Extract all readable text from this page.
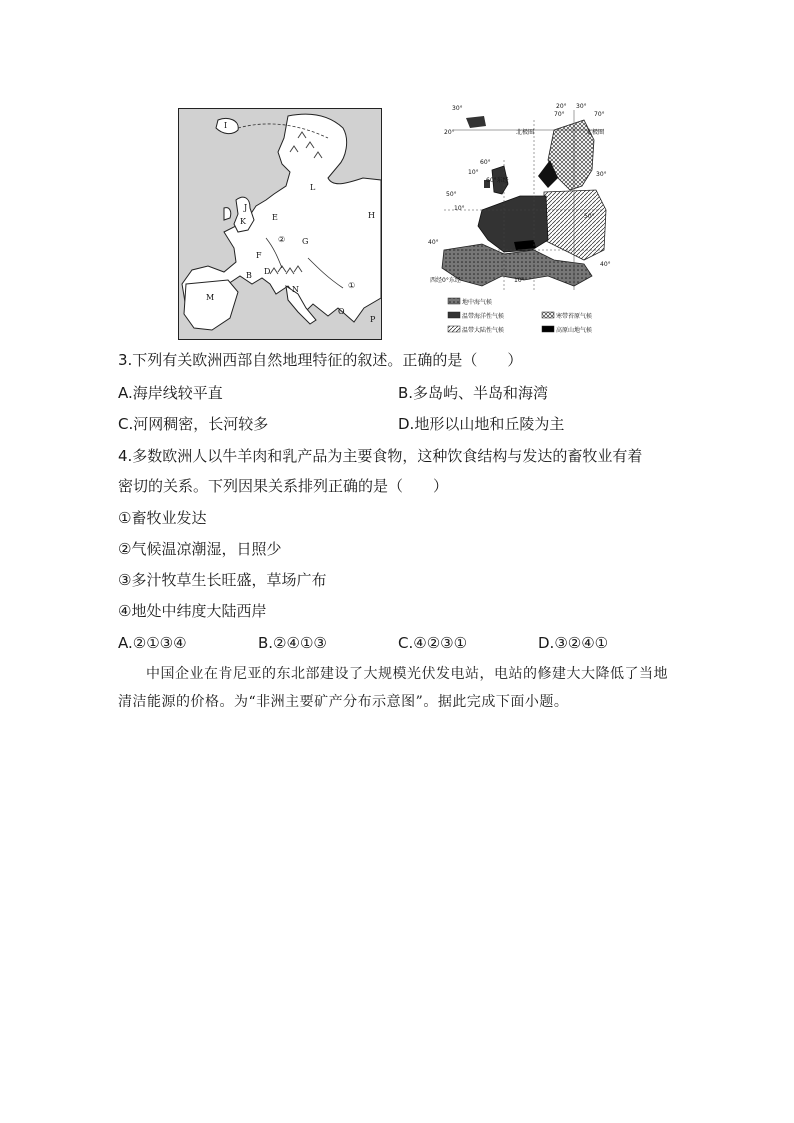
I
L
J
K	E
F
G
H
B D
M
N
O
P
②
①
30°
20°
70°	70°
20° 30°
60°
10°
50°
10°
40°
30°
50°
40°
10°
北极圈	北极圈
西经0°东经
60°东经
地中海气候
寒带苔原气候
温带海洋性气候
高原山地气候
温带大陆性气候
3.下列有关欧洲西部自然地理特征的叙述。正确的是（　　）
A.海岸线较平直	B.多岛屿、半岛和海湾
C.河网稠密，长河较多	D.地形以山地和丘陵为主
4.多数欧洲人以牛羊肉和乳产品为主要食物，这种饮食结构与发达的畜牧业有着
密切的关系。下列因果关系排列正确的是（　　）
①畜牧业发达
②气候温凉潮湿，日照少
③多汁牧草生长旺盛，草场广布
④地处中纬度大陆西岸
A.②①③④	B.②④①③	C.④②③①	D.③②④①

中国企业在肯尼亚的东北部建设了大规模光伏发电站，电站的修建大大降低了当地清洁能源的价格。为“非洲主要矿产分布示意图”。据此完成下面小题。
